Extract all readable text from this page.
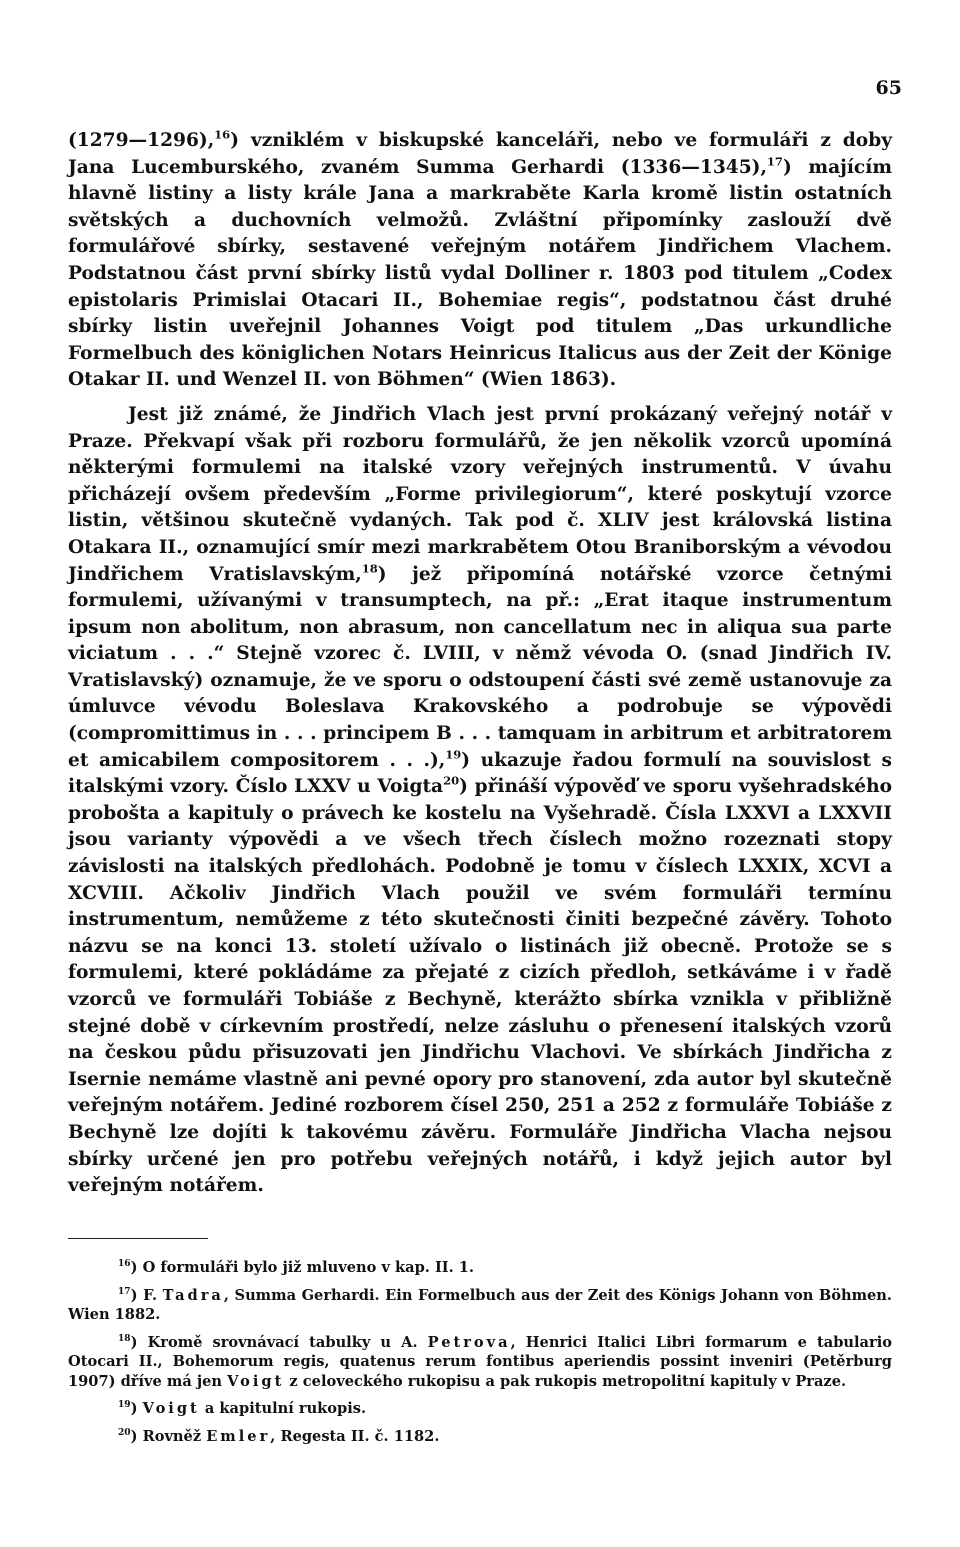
65

(1279—1296),$^{16}$) vzniklém v biskupské kanceláři, nebo ve formuláři z doby Jana Lucemburského, zvaném Summa Gerhardi (1336—1345),$^{17}$) majícím hlavně listiny a listy krále Jana a markraběte Karla kromě listin ostatních světských a duchovních velmožů. Zvláštní připomínky zaslouží dvě formulářové sbírky, sestavené veřejným notářem Jindřichem Vlachem. Podstatnou část první sbírky listů vydal Dolliner r. 1803 pod titulem „Codex epistolaris Primislai Otacari II., Bohemiae regis“, podstatnou část druhé sbírky listin uveřejnil Johannes Voigt pod titulem „Das urkundliche Formelbuch des königlichen Notars Heinricus Italicus aus der Zeit der Könige Otakar II. und Wenzel II. von Böhmen“ (Wien 1863).

Jest již známé, že Jindřich Vlach jest první prokázaný veřejný notář v Praze. Překvapí však při rozboru formulářů, že jen několik vzorců upomíná některými formulemi na italské vzory veřejných instrumentů. V úvahu přicházejí ovšem především „Forme privilegiorum“, které poskytují vzorce listin, většinou skutečně vydaných. Tak pod č. XLIV jest královská listina Otakara II., oznamující smír mezi markrabětem Otou Braniborským a vévodou Jindřichem Vratislavským,$^{18}$) jež připomíná notářské vzorce četnými formulemi, užívanými v transumptech, na př.: „Erat itaque instrumentum ipsum non abolitum, non abrasum, non cancellatum nec in aliqua sua parte viciatum . . .“ Stejně vzorec č. LVIII, v němž vévoda O. (snad Jindřich IV. Vratislavský) oznamuje, že ve sporu o odstoupení části své země ustanovuje za úmluvce vévodu Boleslava Krakovského a podrobuje se výpovědi (compromittimus in . . . principem B . . . tamquam in arbitrum et arbitratorem et amicabilem compositorem . . .),$^{19}$) ukazuje řadou formulí na souvislost s italskými vzory. Číslo LXXV u Voigta$^{20}$) přináší výpověď ve sporu vyšehradského probošta a kapituly o právech ke kostelu na Vyšehradě. Čísla LXXVI a LXXVII jsou varianty výpovědi a ve všech třech číslech možno rozeznati stopy závislosti na italských předlohách. Podobně je tomu v číslech LXXIX, XCVI a XCVIII. Ačkoliv Jindřich Vlach použil ve svém formuláři termínu instrumentum, nemůžeme z této skutečnosti činiti bezpečné závěry. Tohoto názvu se na konci 13. století užívalo o listinách již obecně. Protože se s formulemi, které pokládáme za přejaté z cizích předloh, setkáváme i v řadě vzorců ve formuláři Tobiáše z Bechyně, kterážto sbírka vznikla v přibližně stejné době v církevním prostředí, nelze zásluhu o přenesení italských vzorů na českou půdu přisuzovati jen Jindřichu Vlachovi. Ve sbírkách Jindřicha z Isernie nemáme vlastně ani pevné opory pro stanovení, zda autor byl skutečně veřejným notářem. Jediné rozborem čísel 250, 251 a 252 z formuláře Tobiáše z Bechyně lze dojíti k takovému závěru. Formuláře Jindřicha Vlacha nejsou sbírky určené jen pro potřebu veřejných notářů, i když jejich autor byl veřejným notářem.

$^{16}$) O formuláři bylo již mluveno v kap. II. 1.

$^{17}$) F. Tadra, Summa Gerhardi. Ein Formelbuch aus der Zeit des Königs Johann von Böhmen. Wien 1882.

$^{18}$) Kromě srovnávací tabulky u A. Petrova, Henrici Italici Libri formarum e tabulario Otocari II., Bohemorum regis, quatenus rerum fontibus aperiendis possint inveniri (Petěrburg 1907) dříve má jen Voigt z celoveckého rukopisu a pak rukopis metropolitní kapituly v Praze.

$^{19}$) Voigt a kapitulní rukopis.

$^{20}$) Rovněž Emler, Regesta II. č. 1182.
